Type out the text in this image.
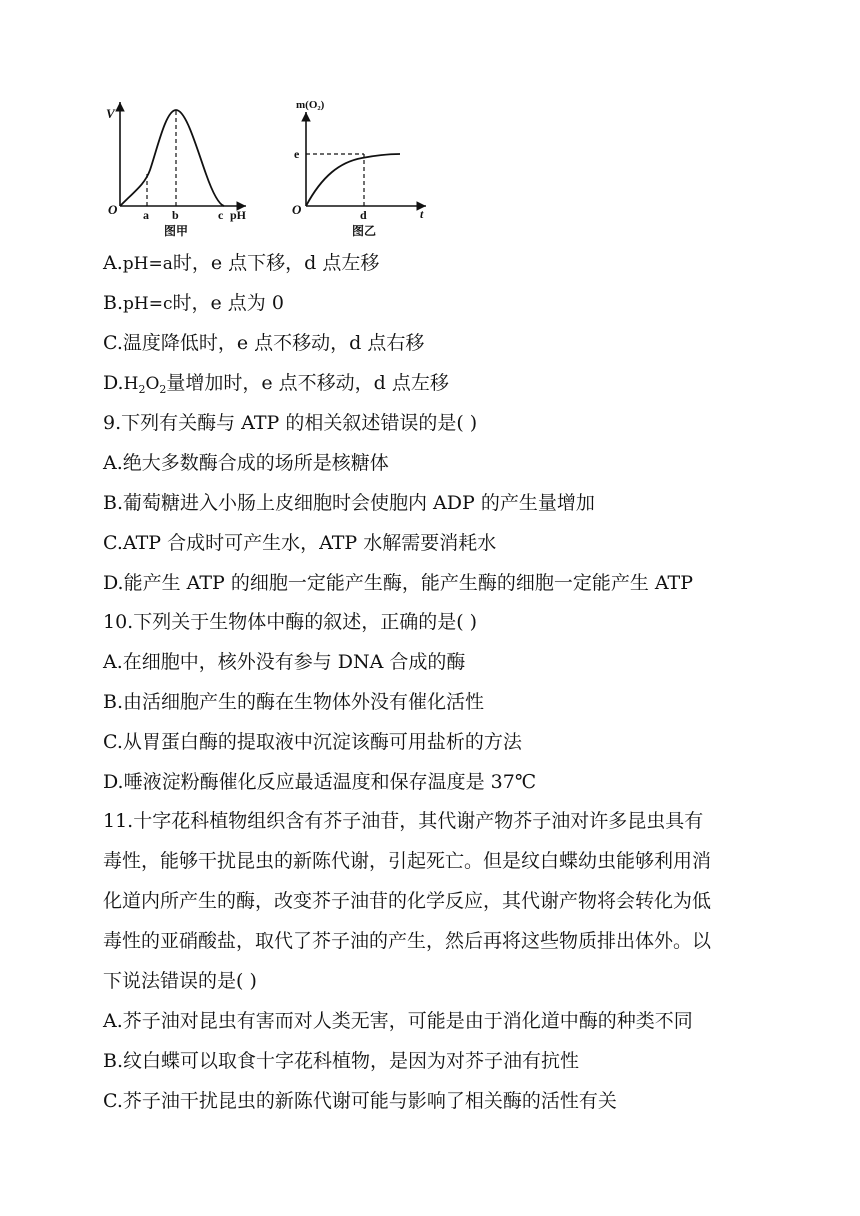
V
O a b	c pH
图甲
m(O₂)
e
O	d	t
图乙
A.pH=a时，e 点下移，d 点左移
B.pH=c时，e 点为 0
C.温度降低时，e 点不移动，d 点右移
$D.H_2O_2$量增加时，e 点不移动，d 点左移
9.下列有关酶与 ATP 的相关叙述错误的是( )
A.绝大多数酶合成的场所是核糖体
B.葡萄糖进入小肠上皮细胞时会使胞内 ADP 的产生量增加
C.ATP 合成时可产生水，ATP 水解需要消耗水
D.能产生 ATP 的细胞一定能产生酶，能产生酶的细胞一定能产生 ATP
10.下列关于生物体中酶的叙述，正确的是( )
A.在细胞中，核外没有参与 DNA 合成的酶
B.由活细胞产生的酶在生物体外没有催化活性
C.从胃蛋白酶的提取液中沉淀该酶可用盐析的方法
D.唾液淀粉酶催化反应最适温度和保存温度是 37℃
11.十字花科植物组织含有芥子油苷，其代谢产物芥子油对许多昆虫具有
毒性，能够干扰昆虫的新陈代谢，引起死亡。但是纹白蝶幼虫能够利用消
化道内所产生的酶，改变芥子油苷的化学反应，其代谢产物将会转化为低
毒性的亚硝酸盐，取代了芥子油的产生，然后再将这些物质排出体外。以
下说法错误的是( )
A.芥子油对昆虫有害而对人类无害，可能是由于消化道中酶的种类不同
B.纹白蝶可以取食十字花科植物，是因为对芥子油有抗性
C.芥子油干扰昆虫的新陈代谢可能与影响了相关酶的活性有关
